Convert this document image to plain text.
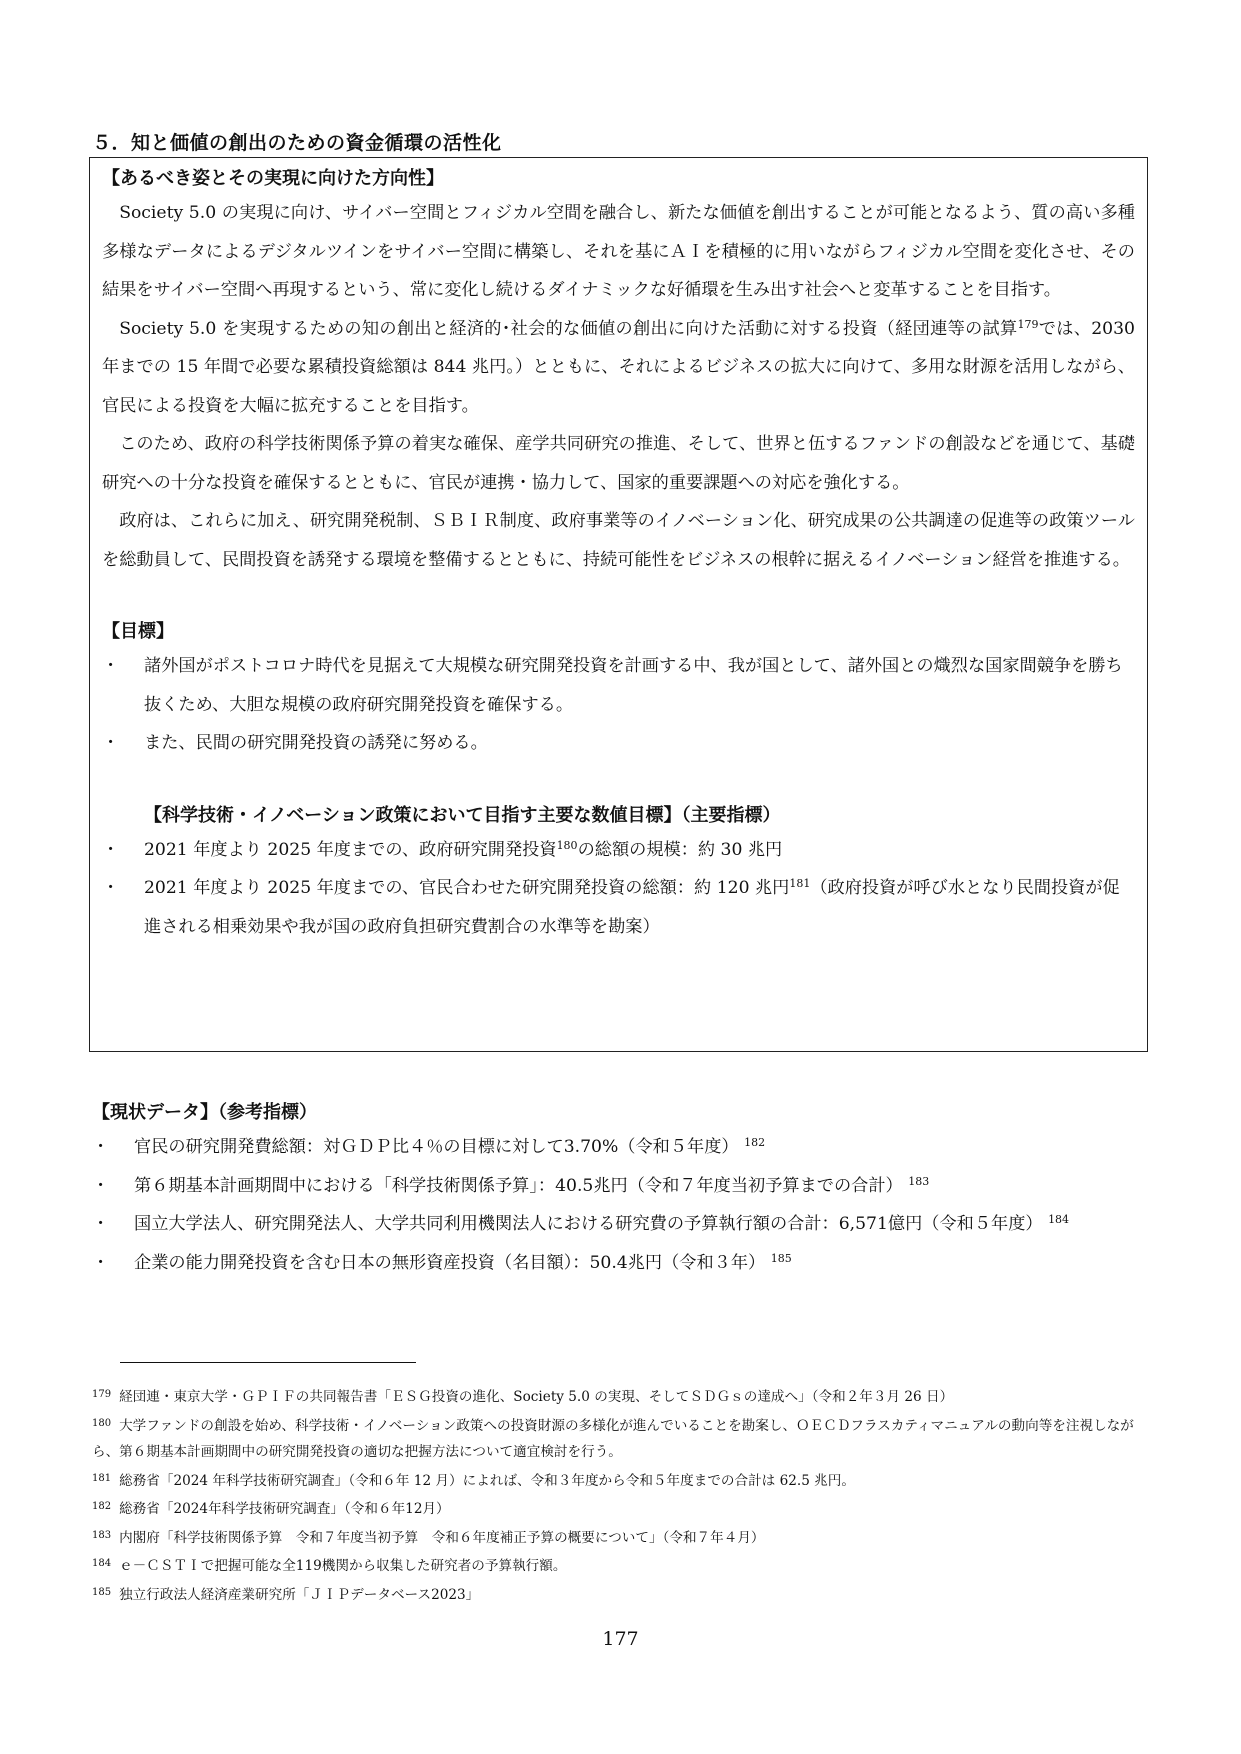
５．知と価値の創出のための資金循環の活性化

【あるべき姿とその実現に向けた方向性】

Society 5.0 の実現に向け、サイバー空間とフィジカル空間を融合し、新たな価値を創出することが可能となるよう、質の高い多種多様なデータによるデジタルツインをサイバー空間に構築し、それを基にＡＩを積極的に用いながらフィジカル空間を変化させ、その結果をサイバー空間へ再現するという、常に変化し続けるダイナミックな好循環を生み出す社会へと変革することを目指す。

Society 5.0 を実現するための知の創出と経済的･社会的な価値の創出に向けた活動に対する投資（経団連等の試算$^{179}$では、2030 年までの 15 年間で必要な累積投資総額は 844 兆円。）とともに、それによるビジネスの拡大に向けて、多用な財源を活用しながら、官民による投資を大幅に拡充することを目指す。

このため、政府の科学技術関係予算の着実な確保、産学共同研究の推進、そして、世界と伍するファンドの創設などを通じて、基礎研究への十分な投資を確保するとともに、官民が連携・協力して、国家的重要課題への対応を強化する。

政府は、これらに加え、研究開発税制、ＳＢＩＲ制度、政府事業等のイノベーション化、研究成果の公共調達の促進等の政策ツールを総動員して、民間投資を誘発する環境を整備するとともに、持続可能性をビジネスの根幹に据えるイノベーション経営を推進する。

【目標】

・ 諸外国がポストコロナ時代を見据えて大規模な研究開発投資を計画する中、我が国として、諸外国との熾烈な国家間競争を勝ち抜くため、大胆な規模の政府研究開発投資を確保する。

・ また、民間の研究開発投資の誘発に努める。

【科学技術・イノベーション政策において目指す主要な数値目標】（主要指標）

・ 2021 年度より 2025 年度までの、政府研究開発投資$^{180}$の総額の規模：約 30 兆円

・ 2021 年度より 2025 年度までの、官民合わせた研究開発投資の総額：約 120 兆円$^{181}$（政府投資が呼び水となり民間投資が促進される相乗効果や我が国の政府負担研究費割合の水準等を勘案）

【現状データ】（参考指標）

・ 官民の研究開発費総額：対ＧＤＰ比４％の目標に対して3.70%（令和５年度） $^{182}$

・ 第６期基本計画期間中における「科学技術関係予算」：40.5兆円（令和７年度当初予算までの合計） $^{183}$

・ 国立大学法人、研究開発法人、大学共同利用機関法人における研究費の予算執行額の合計：6,571億円（令和５年度） $^{184}$

・ 企業の能力開発投資を含む日本の無形資産投資（名目額）：50.4兆円（令和３年） $^{185}$

$^{179}$ 経団連・東京大学・ＧＰＩＦの共同報告書「ＥＳＧ投資の進化、Society 5.0 の実現、そしてＳＤＧｓの達成へ」（令和２年３月 26 日）

$^{180}$ 大学ファンドの創設を始め、科学技術・イノベーション政策への投資財源の多様化が進んでいることを勘案し、ＯＥＣＤフラスカティマニュアルの動向等を注視しながら、第６期基本計画期間中の研究開発投資の適切な把握方法について適宜検討を行う。

$^{181}$ 総務省「2024 年科学技術研究調査」（令和６年 12 月）によれば、令和３年度から令和５年度までの合計は 62.5 兆円。

$^{182}$ 総務省「2024年科学技術研究調査」（令和６年12月）

$^{183}$ 内閣府「科学技術関係予算　令和７年度当初予算　令和６年度補正予算の概要について」（令和７年４月）

$^{184}$ ｅ－ＣＳＴＩで把握可能な全119機関から収集した研究者の予算執行額。

$^{185}$ 独立行政法人経済産業研究所「ＪＩＰデータベース2023」

177
